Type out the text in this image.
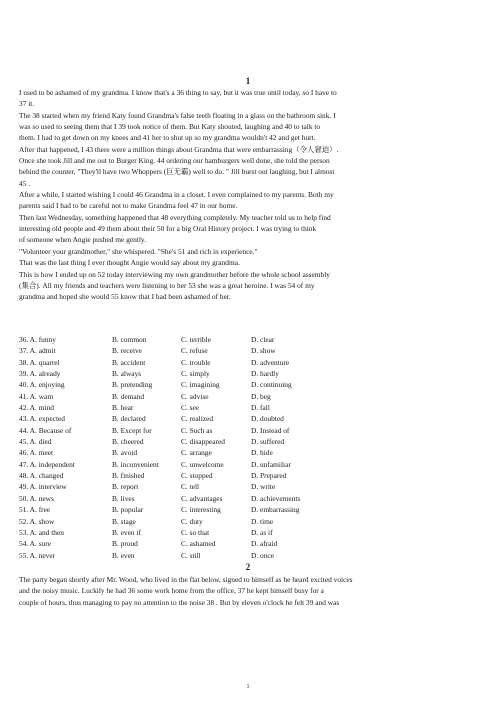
1
I used to be ashamed of my grandma. I know that's a 36 thing to say, but it was true until today, so I have to
37 it.
The 38 started when my friend Katy found Grandma's false teeth floating in a glass on the bathroom sink. I
was so used to seeing them that I 39 took notice of them. But Katy shouted, laughing and 40 to talk to
them. I had to get down on my knees and 41 her to shut up so my grandma wouldn't 42 and get hurt.
After that happened, I 43 there were a million things about Grandma that were embarrassing（令人窘迫）.
Once she took Jill and me out to Burger King. 44 ordering our hamburgers well done, she told the person
behind the counter, "They'll have two Whoppers (巨无霸) well to do. " Jill burst out laughing, but I almost
45 .
After a while, I started wishing I could 46 Grandma in a closet. I even complained to my parents. Both my
parents said I had to be careful not to make Grandma feel 47 in our home.
Then last Wednesday, something happened that 48 everything completely. My teacher told us to help find
interesting old people and 49 them about their 50 for a big Oral History project. I was trying to think
of someone when Angie pushed me gently.
"Volunteer your grandmother," she whispered. "She's 51 and rich in experience."
That was the last thing I ever thought Angie would say about my grandma.
This is how I ended up on 52 today interviewing my own grandmother before the whole school assembly
(集合). All my friends and teachers were listening to her 53 she was a great heroine. I was 54 of my
grandma and hoped she would 55 know that I had been ashamed of her.
36. A. funny	B. common	C. terrible	D. clear
37. A. admit	B. receive	C. refuse	D. show
38. A. quarrel	B. accident	C. trouble	D. adventure
39. A. already	B. always	C. simply	D. hardly
40. A. enjoying	B. pretending	C. imagining	D. continuing
41. A. warn	B. demand	C. advise	D. beg
42. A. mind	B. hear	C. see	D. fall
43. A. expected	B. declared	C. realized	D. doubted
44. A. Because of	B. Except for	C. Such as	D. Instead of
45. A. died	B. cheered	C. disappeared	D. suffered
46. A. meet	B. avoid	C. arrange	D. hide
47. A. independent	B. inconvenient	C. unwelcome	D. unfamiliar
48. A. changed	B. finished	C. stopped	D. Prepared
49. A. interview	B. report	C. tell	D. write
50. A. news	B. lives	C. advantages	D. achievements
51. A. free	B. popular	C. interesting	D. embarrassing
52. A. show	B. stage	C. duty	D. time
53. A. and then	B. even if	C. so that	D. as if
54. A. sure	B. proud	C. ashamed	D. afraid
55. A. never	B. even	C. still	D. once
2
The party began shortly after Mr. Wood, who lived in the flat below, signed to himself as he heard excited voices
and the noisy music. Luckily he had 36 some work home from the office, 37 he kept himself busy for a
couple of hours, thus managing to pay no attention to the noise 38 . But by eleven o'clock he felt 39 and was
1
